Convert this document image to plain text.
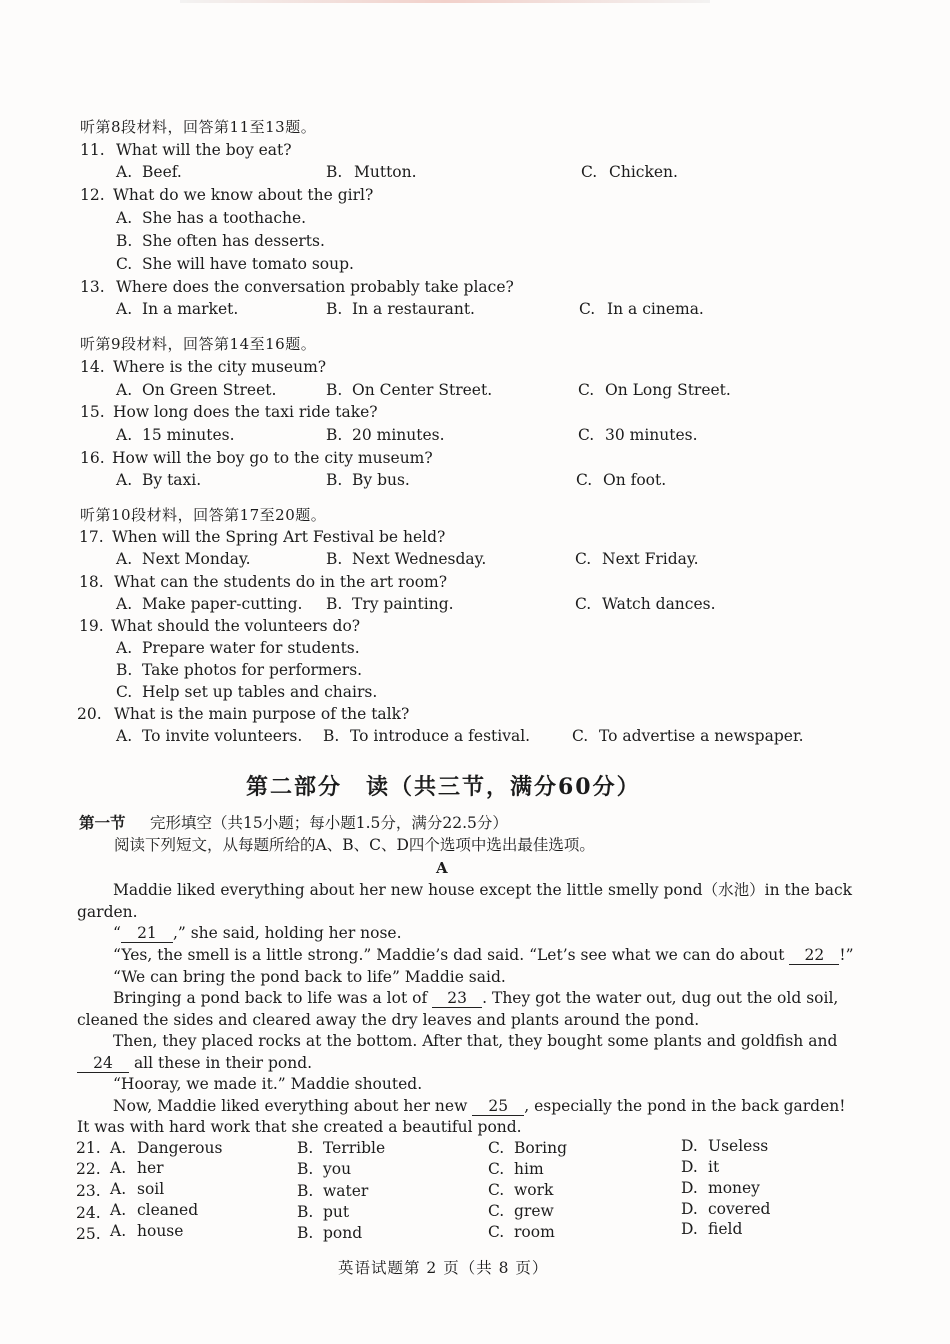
听第8段材料，回答第11至13题。
11. What will the boy eat?
A. Beef.	B. Mutton.	C. Chicken.
12. What do we know about the girl?
A. She has a toothache.
B. She often has desserts.
C. She will have tomato soup.
13. Where does the conversation probably take place?
A. In a market.	B. In a restaurant.	C. In a cinema.
听第9段材料，回答第14至16题。
14. Where is the city museum?
A. On Green Street.	B. On Center Street.	C. On Long Street.
15. How long does the taxi ride take?
A. 15 minutes.	B. 20 minutes.	C. 30 minutes.
16. How will the boy go to the city museum?
A. By taxi.	B. By bus.	C. On foot.
听第10段材料，回答第17至20题。
17. When will the Spring Art Festival be held?
A. Next Monday.	B. Next Wednesday.	C. Next Friday.
18. What can the students do in the art room?
A. Make paper-cutting. B. Try painting.	C. Watch dances.
19. What should the volunteers do?
A. Prepare water for students.
B. Take photos for performers.
C. Help set up tables and chairs.
20. What is the main purpose of the talk?
A. To invite volunteers. B. To introduce a festival.	C. To advertise a newspaper.
第二部分　读（共三节，满分60分）
第一节 完形填空（共15小题；每小题1.5分，满分22.5分）
阅读下列短文，从每题所给的A、B、C、D四个选项中选出最佳选项。
A
Maddie liked everything about her new house except the little smelly pond（水池）in the back
garden.
“ 21 ,” she said, holding her nose.
“Yes, the smell is a little strong.” Maddie’s dad said. “Let’s see what we can do about 22 !”
“We can bring the pond back to life” Maddie said.
Bringing a pond back to life was a lot of 23 . They got the water out, dug out the old soil,
cleaned the sides and cleared away the dry leaves and plants around the pond.
Then, they placed rocks at the bottom. After that, they bought some plants and goldfish and
24 all these in their pond.
“Hooray, we made it.” Maddie shouted.
Now, Maddie liked everything about her new 25 , especially the pond in the back garden!
It was with hard work that she created a beautiful pond.
21. A. Dangerous	B. Terrible	C. Boring	D. Useless
22. A. her	B. you	C. him	D. it
23. A. soil	B. water	C. work	D. money
24. A. cleaned	B. put	C. grew	D. covered
25. A. house	B. pond	C. room	D. field
英语试题第 2 页（共 8 页）
